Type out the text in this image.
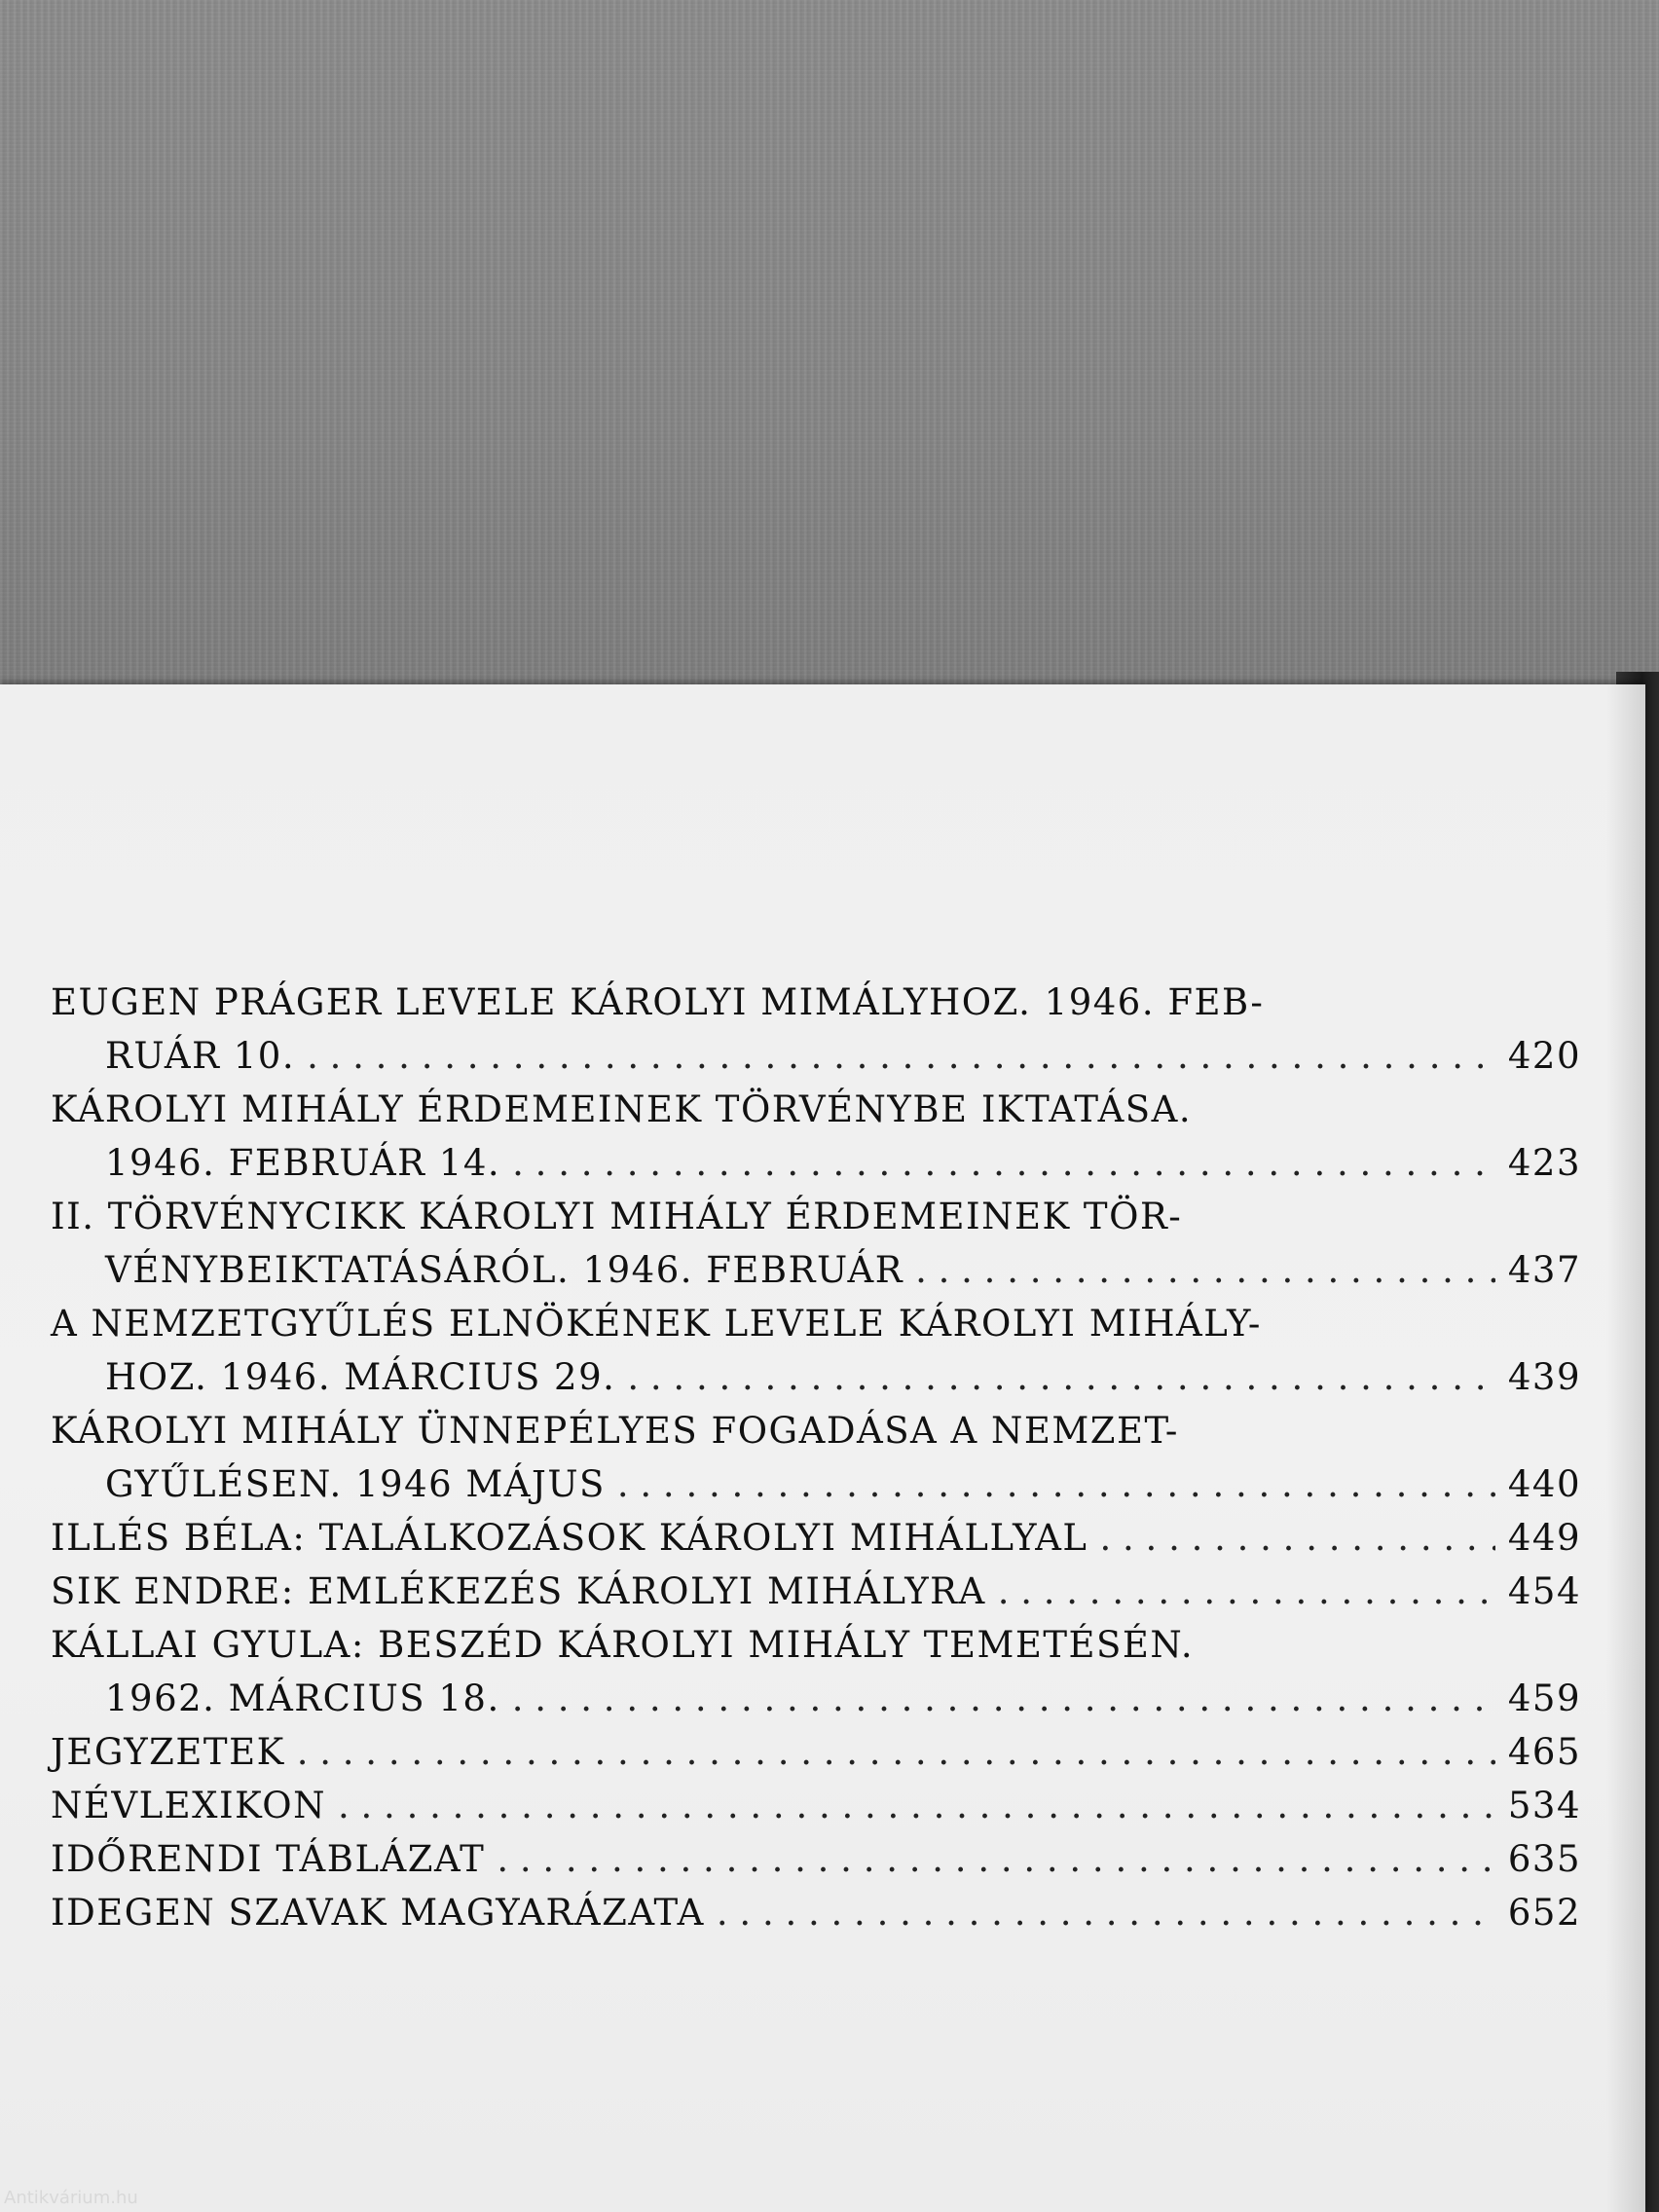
EUGEN PRÁGER LEVELE KÁROLYI MIMÁLYHOZ. 1946. FEB-
RUÁR 10. . . .	420
KÁROLYI MIHÁLY ÉRDEMEINEK TÖRVÉNYBE IKTATÁSA.
1946. FEBRUÁR 14. . . .	423
II. TÖRVÉNYCIKK KÁROLYI MIHÁLY ÉRDEMEINEK TÖR-
VÉNYBEIKTATÁSÁRÓL. 1946. FEBRUÁR . . .	437
A NEMZETGYŰLÉS ELNÖKÉNEK LEVELE KÁROLYI MIHÁLY-
HOZ. 1946. MÁRCIUS 29. . . .	439
KÁROLYI MIHÁLY ÜNNEPÉLYES FOGADÁSA A NEMZET-
GYŰLÉSEN. 1946 MÁJUS . . .	440
ILLÉS BÉLA: TALÁLKOZÁSOK KÁROLYI MIHÁLLYAL . . .	449
SIK ENDRE: EMLÉKEZÉS KÁROLYI MIHÁLYRA . . .	454
KÁLLAI GYULA: BESZÉD KÁROLYI MIHÁLY TEMETÉSÉN.
1962. MÁRCIUS 18. . . .	459
JEGYZETEK . . .	465
NÉVLEXIKON . . .	534
IDŐRENDI TÁBLÁZAT . . .	635
IDEGEN SZAVAK MAGYARÁZATA . . .	652
Antikvárium.hu
